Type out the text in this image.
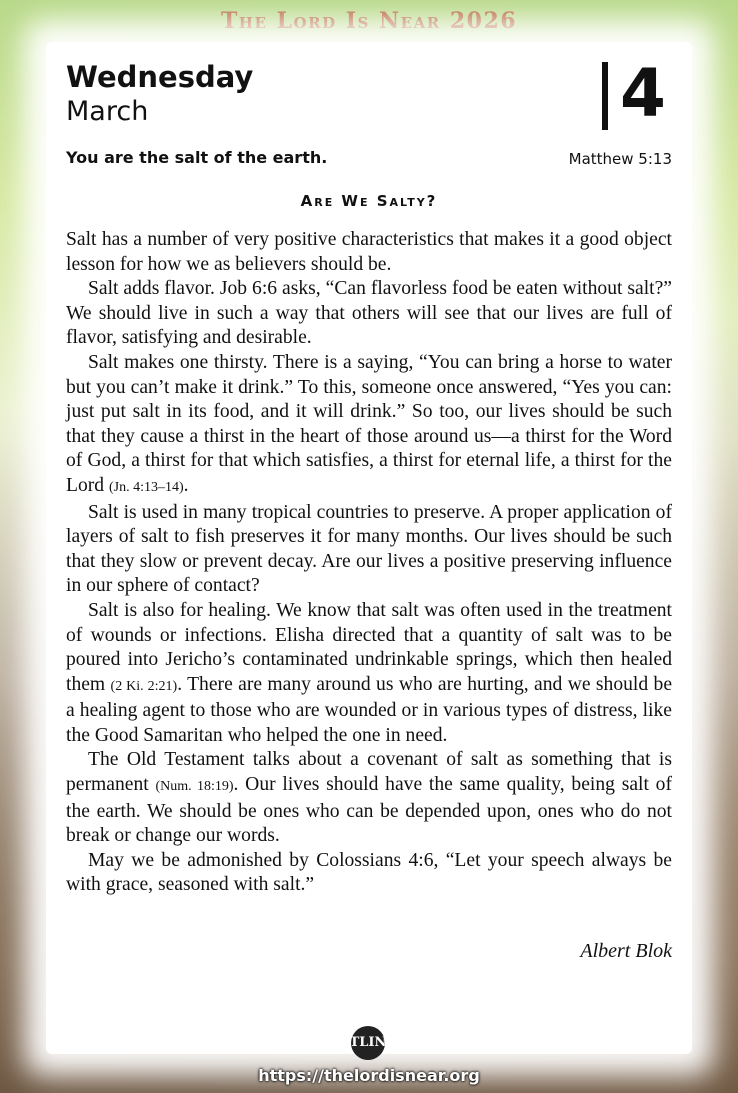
The Lord Is Near 2026
Wednesday
March	4
You are the salt of the earth.	Matthew 5:13
Are We Salty?

Salt has a number of very positive characteristics that makes it a good object lesson for how we as believers should be.

Salt adds flavor. Job 6:6 asks, “Can flavorless food be eaten without salt?” We should live in such a way that others will see that our lives are full of flavor, satisfying and desirable.

Salt makes one thirsty. There is a saying, “You can bring a horse to water but you can’t make it drink.” To this, someone once answered, “Yes you can: just put salt in its food, and it will drink.” So too, our lives should be such that they cause a thirst in the heart of those around us—a thirst for the Word of God, a thirst for that which satisfies, a thirst for eternal life, a thirst for the Lord (Jn. 4:13–14).

Salt is used in many tropical countries to preserve. A proper application of layers of salt to fish preserves it for many months. Our lives should be such that they slow or prevent decay. Are our lives a positive preserving influence in our sphere of contact?

Salt is also for healing. We know that salt was often used in the treatment of wounds or infections. Elisha directed that a quantity of salt was to be poured into Jericho’s contaminated undrinkable springs, which then healed them (2 Ki. 2:21). There are many around us who are hurting, and we should be a healing agent to those who are wounded or in various types of distress, like the Good Samaritan who helped the one in need.

The Old Testament talks about a covenant of salt as something that is permanent (Num. 18:19). Our lives should have the same quality, being salt of the earth. We should be ones who can be depended upon, ones who do not break or change our words.

May we be admonished by Colossians 4:6, “Let your speech always be with grace, seasoned with salt.”

Albert Blok
TLIN
https://thelordisnear.org
